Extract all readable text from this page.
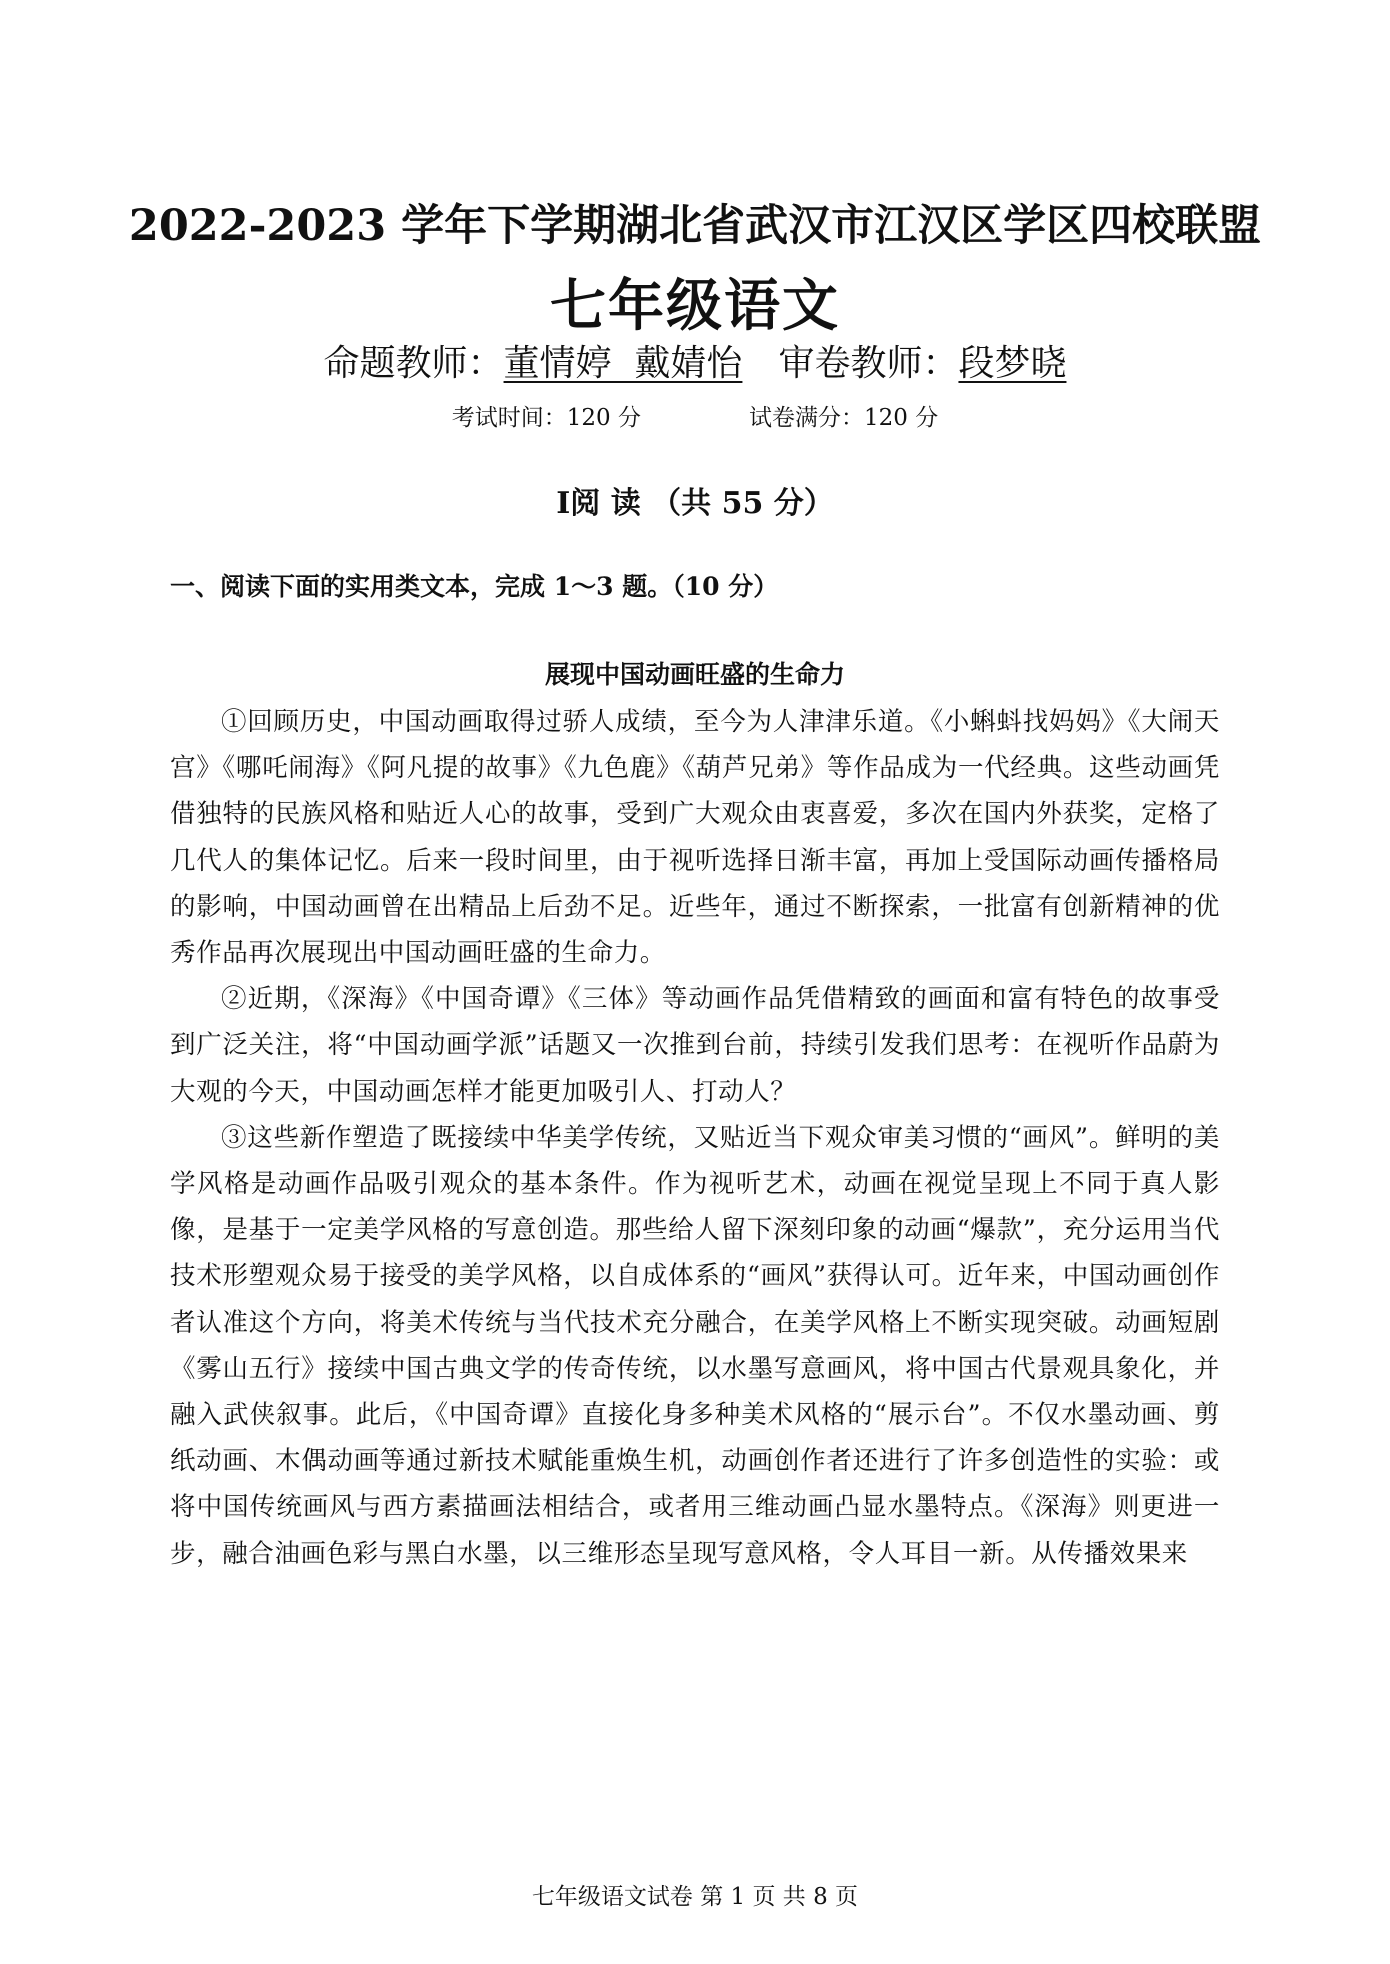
2022-2023 学年下学期湖北省武汉市江汉区学区四校联盟
七年级语文
命题教师：董情婷  戴婧怡 审卷教师：段梦晓
考试时间：120 分	试卷满分：120 分
Ⅰ阅 读 （共 55 分）
一、阅读下面的实用类文本，完成 1～3 题。（10 分）
展现中国动画旺盛的生命力

①回顾历史，中国动画取得过骄人成绩，至今为人津津乐道。《小蝌蚪找妈妈》《大闹天宫》《哪吒闹海》《阿凡提的故事》《九色鹿》《葫芦兄弟》等作品成为一代经典。这些动画凭借独特的民族风格和贴近人心的故事，受到广大观众由衷喜爱，多次在国内外获奖，定格了几代人的集体记忆。后来一段时间里，由于视听选择日渐丰富，再加上受国际动画传播格局的影响，中国动画曾在出精品上后劲不足。近些年，通过不断探索，一批富有创新精神的优秀作品再次展现出中国动画旺盛的生命力。

②近期，《深海》《中国奇谭》《三体》等动画作品凭借精致的画面和富有特色的故事受到广泛关注，将“中国动画学派”话题又一次推到台前，持续引发我们思考：在视听作品蔚为大观的今天，中国动画怎样才能更加吸引人、打动人？

③这些新作塑造了既接续中华美学传统，又贴近当下观众审美习惯的“画风”。鲜明的美学风格是动画作品吸引观众的基本条件。作为视听艺术，动画在视觉呈现上不同于真人影像，是基于一定美学风格的写意创造。那些给人留下深刻印象的动画“爆款”，充分运用当代技术形塑观众易于接受的美学风格，以自成体系的“画风”获得认可。近年来，中国动画创作者认准这个方向，将美术传统与当代技术充分融合，在美学风格上不断实现突破。动画短剧《雾山五行》接续中国古典文学的传奇传统，以水墨写意画风，将中国古代景观具象化，并融入武侠叙事。此后，《中国奇谭》直接化身多种美术风格的“展示台”。不仅水墨动画、剪纸动画、木偶动画等通过新技术赋能重焕生机，动画创作者还进行了许多创造性的实验：或将中国传统画风与西方素描画法相结合，或者用三维动画凸显水墨特点。《深海》则更进一步，融合油画色彩与黑白水墨，以三维形态呈现写意风格，令人耳目一新。从传播效果来

七年级语文试卷 第 1 页 共 8 页
